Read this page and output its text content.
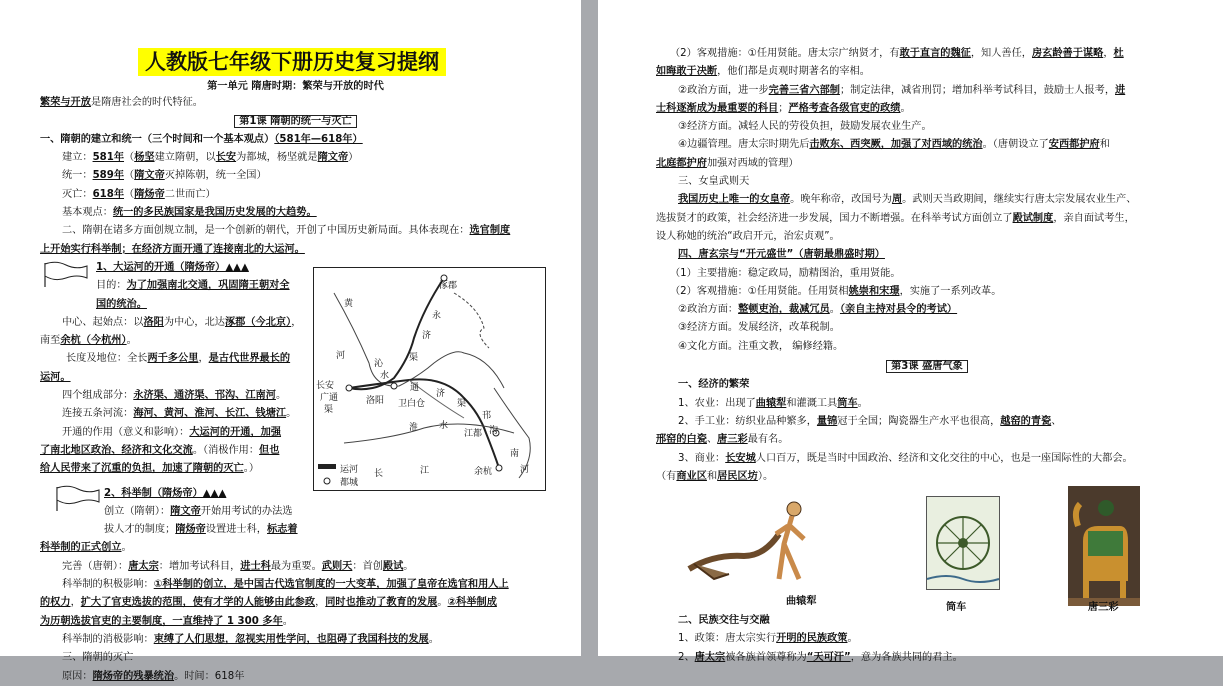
人教版七年级下册历史复习提纲
第一单元 隋唐时期：繁荣与开放的时代
繁荣与开放是隋唐社会的时代特征。
第1课 隋朝的统一与灭亡
一、隋朝的建立和统一（三个时间和一个基本观点）（581年—618年）
建立：581年（杨坚建立隋朝，以长安为都城，杨坚就是隋文帝）
统一：589年（隋文帝灭掉陈朝，统一全国）
灭亡：618年（隋炀帝二世而亡）
基本观点：统一的多民族国家是我国历史发展的大趋势。
二、隋朝在诸多方面创规立制，是一个创新的朝代，开创了中国历史新局面。具体表现在：选官制度
上开始实行科举制；在经济方面开通了连接南北的大运河。
1、大运河的开通（隋炀帝）▲▲▲
目的：为了加强南北交通，巩固隋王朝对全
国的统治。
中心、起始点：以洛阳为中心，北达涿郡（今北京），
南至余杭（今杭州）。
长度及地位：全长两千多公里，是古代世界最长的
运河。
四个组成部分：永济渠、通济渠、邗沟、江南河。
连接五条河流：海河、黄河、淮河、长江、钱塘江。
开通的作用（意义和影响）：大运河的开通，加强
了南北地区政治、经济和文化交流。（消极作用：但也
给人民带来了沉重的负担，加速了隋朝的灭亡。）
2、科举制（隋炀帝）▲▲▲
创立（隋朝）：隋文帝开始用考试的办法选
拔人才的制度；隋炀帝设置进士科，标志着
科举制的正式创立。
完善（唐朝）：唐太宗：增加考试科目，进士科最为重要。武则天：首创殿试。
科举制的积极影响：①科举制的创立，是中国古代选官制度的一大变革，加强了皇帝在选官和用人上
的权力，扩大了官吏选拔的范围，使有才学的人能够由此参政，同时也推动了教育的发展。②科举制成
为历朝选拔官吏的主要制度，一直维持了 1 300 多年。
科举制的消极影响：束缚了人们思想，忽视实用性学问，也阻碍了我国科技的发展。
三、隋朝的灭亡
原因：隋炀帝的残暴统治。时间：618年
涿郡
黄
永
河
济
沁
渠
水
长安
广通
渠
洛阳
通
卫白仓
济
渠
邗
淮 水
江都 沟
长	江	余杭
南
河
运河
都城
（2）客观措施：①任用贤能。唐太宗广纳贤才，有敢于直言的魏征，知人善任，房玄龄善于谋略，杜
如晦敢于决断，他们都是贞观时期著名的宰相。
②政治方面，进一步完善三省六部制；制定法律，减省刑罚；增加科举考试科目，鼓励士人报考，进
士科逐渐成为最重要的科目；严格考查各级官吏的政绩。
③经济方面。减轻人民的劳役负担，鼓励发展农业生产。
④边疆管理。唐太宗时期先后击败东、西突厥，加强了对西域的统治。（唐朝设立了安西都护府和
北庭都护府加强对西域的管理）
三、女皇武则天
我国历史上唯一的女皇帝。晚年称帝，改国号为周。武则天当政期间，继续实行唐太宗发展农业生产、
选拔贤才的政策，社会经济进一步发展，国力不断增强。在科举考试方面创立了殿试制度，亲自面试考生，
设人称她的统治“政启开元，治宏贞观”。
四、唐玄宗与“开元盛世”（唐朝最鼎盛时期）
（1）主要措施：稳定政局，励精图治，重用贤能。
（2）客观措施：①任用贤能。任用贤相姚崇和宋璟，实施了一系列改革。
②政治方面：整顿吏治，裁减冗员。（亲自主持对县令的考试）
③经济方面。发展经济，改革税制。
④文化方面。注重文教， 编修经籍。
第3课 盛唐气象
一、经济的繁荣
1、农业：出现了曲辕犁和灌溉工具筒车。
2、手工业：纺织业品种繁多，量锦冠于全国；陶瓷器生产水平也很高，越窑的青瓷、
邢窑的白瓷、唐三彩最有名。
3、商业：长安城人口百万，既是当时中国政治、经济和文化交往的中心，也是一座国际性的大都会。
（有商业区和居民区坊）。
曲辕犁
筒车	唐三彩
二、民族交往与交融
1、政策：唐太宗实行开明的民族政策。
2、唐太宗被各族首领尊称为“天可汗”，意为各族共同的君主。
